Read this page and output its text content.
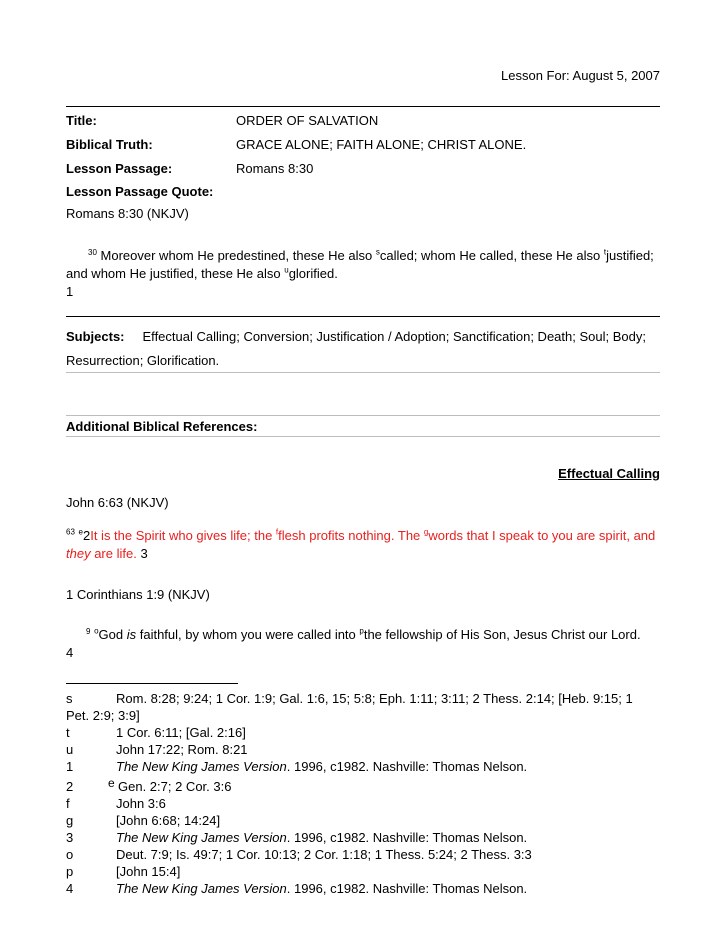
Lesson For: August 5, 2007
Title:	ORDER OF SALVATION
Biblical Truth:	GRACE ALONE; FAITH ALONE; CHRIST ALONE.
Lesson Passage:	Romans 8:30
Lesson Passage Quote:
Romans 8:30 (NKJV)
$^{30}$ Moreover whom He predestined, these He also $^s$called; whom He called, these He also $^t$justified;
and whom He justified, these He also $^u$glorified.
1
Subjects: Effectual Calling; Conversion; Justification / Adoption; Sanctification; Death; Soul; Body;
Resurrection; Glorification.
Additional Biblical References:
Effectual Calling
John 6:63 (NKJV)
$^{63}$ $^e$2It is the Spirit who gives life; the $^f$flesh profits nothing. The $^g$words that I speak to you are spirit, and
they are life. 3
1 Corinthians 1:9 (NKJV)
$^9$ $^o$God is faithful, by whom you were called into $^p$the fellowship of His Son, Jesus Christ our Lord.
4
s	Rom. 8:28; 9:24; 1 Cor. 1:9; Gal. 1:6, 15; 5:8; Eph. 1:11; 3:11; 2 Thess. 2:14; [Heb. 9:15; 1
Pet. 2:9; 3:9]
t	1 Cor. 6:11; [Gal. 2:16]
u	John 17:22; Rom. 8:21
1	The New King James Version. 1996, c1982. Nashville: Thomas Nelson.
2	e Gen. 2:7; 2 Cor. 3:6
f	John 3:6
g	[John 6:68; 14:24]
3	The New King James Version. 1996, c1982. Nashville: Thomas Nelson.
o	Deut. 7:9; Is. 49:7; 1 Cor. 10:13; 2 Cor. 1:18; 1 Thess. 5:24; 2 Thess. 3:3
p	[John 15:4]
4	The New King James Version. 1996, c1982. Nashville: Thomas Nelson.
